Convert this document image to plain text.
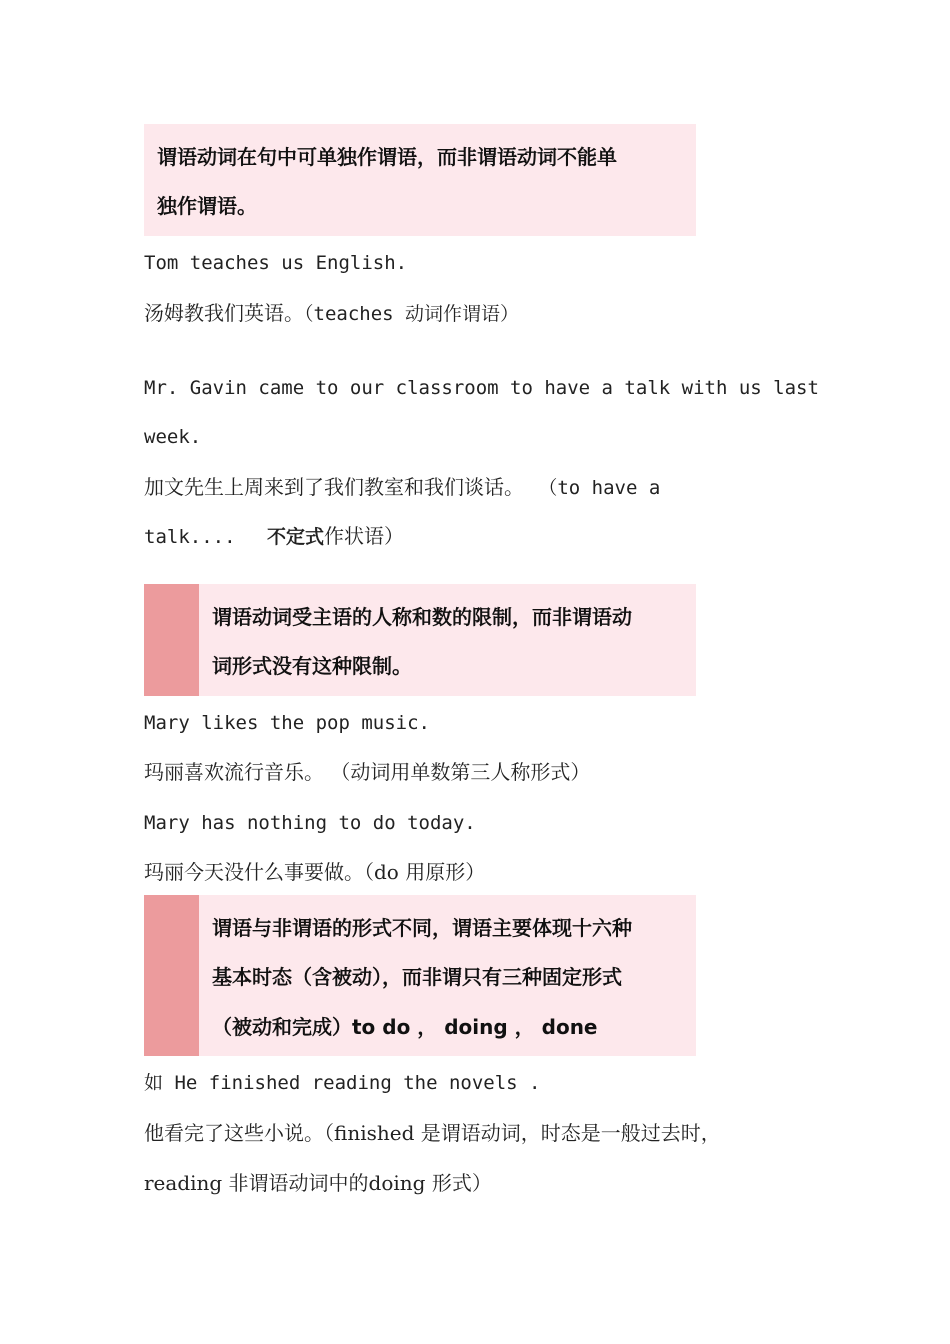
谓语动词在句中可单独作谓语，而非谓语动词不能单
独作谓语。
Tom teaches us English.
汤姆教我们英语。（teaches 动词作谓语）
Mr. Gavin came to our classroom to have a talk with us last
week.
加文先生上周来到了我们教室和我们谈话。 （to have a
talk.... 不定式作状语）
谓语动词受主语的人称和数的限制，而非谓语动
词形式没有这种限制。
Mary likes the pop music.
玛丽喜欢流行音乐。 （动词用单数第三人称形式）
Mary has nothing to do today.
玛丽今天没什么事要做。（do 用原形）
谓语与非谓语的形式不同，谓语主要体现十六种
基本时态（含被动），而非谓只有三种固定形式
（被动和完成）to do ， doing ， done
如 He finished reading the novels .
他看完了这些小说。（finished 是谓语动词，时态是一般过去时，
reading 非谓语动词中的doing 形式）
